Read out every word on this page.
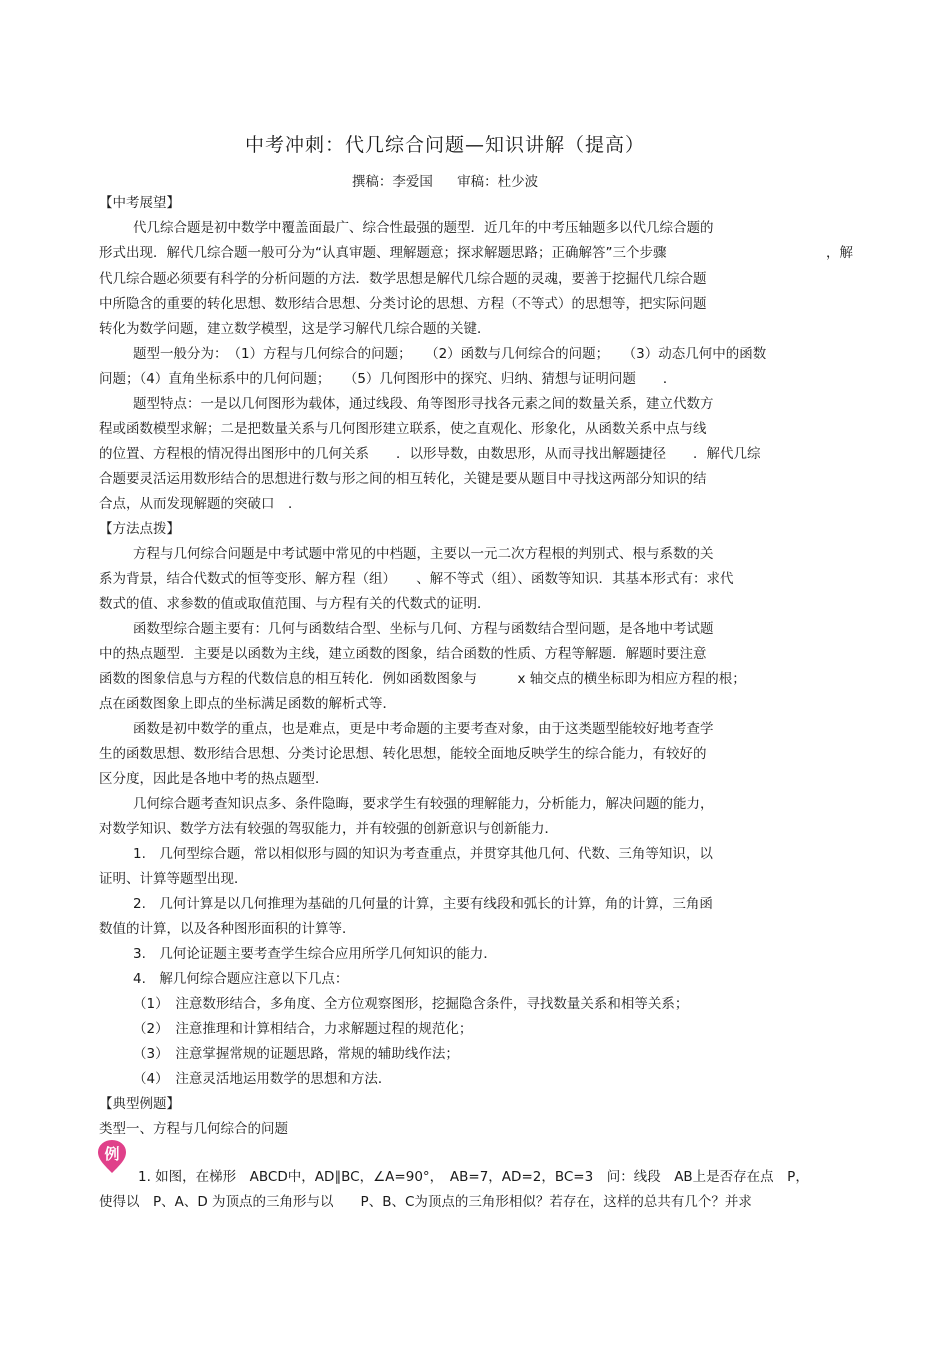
中考冲刺：代几综合问题—知识讲解（提高）
撰稿：李爱国 审稿：杜少波
【中考展望】
代几综合题是初中数学中覆盖面最广、综合性最强的题型．近几年的中考压轴题多以代几综合题的
形式出现．解代几综合题一般可分为“认真审题、理解题意；探求解题思路；正确解答”三个步骤	，解
代几综合题必须要有科学的分析问题的方法．数学思想是解代几综合题的灵魂，要善于挖掘代几综合题
中所隐含的重要的转化思想、数形结合思想、分类讨论的思想、方程（不等式）的思想等，把实际问题
转化为数学问题，建立数学模型，这是学习解代几综合题的关键．
题型一般分为：　（1）方程与几何综合的问题；　　（2）函数与几何综合的问题；　　（3）动态几何中的函数
问题；（4）直角坐标系中的几何问题；　　（5）几何图形中的探究、归纳、猜想与证明问题　　．
题型特点：一是以几何图形为载体，通过线段、角等图形寻找各元素之间的数量关系，建立代数方
程或函数模型求解；二是把数量关系与几何图形建立联系，使之直观化、形象化，从函数关系中点与线
的位置、方程根的情况得出图形中的几何关系　　．以形导数，由数思形，从而寻找出解题捷径　　．解代几综
合题要灵活运用数形结合的思想进行数与形之间的相互转化，关键是要从题目中寻找这两部分知识的结
合点，从而发现解题的突破口　．
【方法点拨】
方程与几何综合问题是中考试题中常见的中档题，主要以一元二次方程根的判别式、根与系数的关
系为背景，结合代数式的恒等变形、解方程（组）　　、解不等式（组）、函数等知识．其基本形式有：求代
数式的值、求参数的值或取值范围、与方程有关的代数式的证明．
函数型综合题主要有：几何与函数结合型、坐标与几何、方程与函数结合型问题，是各地中考试题
中的热点题型．主要是以函数为主线，建立函数的图象，结合函数的性质、方程等解题．解题时要注意
函数的图象信息与方程的代数信息的相互转化．例如函数图象与　　　x 轴交点的横坐标即为相应方程的根；
点在函数图象上即点的坐标满足函数的解析式等．
函数是初中数学的重点，也是难点，更是中考命题的主要考查对象，由于这类题型能较好地考查学
生的函数思想、数形结合思想、分类讨论思想、转化思想，能较全面地反映学生的综合能力，有较好的
区分度，因此是各地中考的热点题型．
几何综合题考查知识点多、条件隐晦，要求学生有较强的理解能力，分析能力，解决问题的能力，
对数学知识、数学方法有较强的驾驭能力，并有较强的创新意识与创新能力．
1.　几何型综合题，常以相似形与圆的知识为考查重点，并贯穿其他几何、代数、三角等知识，以
证明、计算等题型出现．
2.　几何计算是以几何推理为基础的几何量的计算，主要有线段和弧长的计算，角的计算，三角函
数值的计算，以及各种图形面积的计算等．
3.　几何论证题主要考查学生综合应用所学几何知识的能力．
4.　解几何综合题应注意以下几点：
（1）　注意数形结合，多角度、全方位观察图形，挖掘隐含条件，寻找数量关系和相等关系；
（2）　注意推理和计算相结合，力求解题过程的规范化；
（3）　注意掌握常规的证题思路，常规的辅助线作法；
（4）　注意灵活地运用数学的思想和方法．
【典型例题】
类型一、方程与几何综合的问题
例
1. 如图，在梯形　ABCD中，AD∥BC，∠A=90°，　AB=7，AD=2，BC=3　问：线段　AB上是否存在点　P，
使得以　P、A、D 为顶点的三角形与以　　P、B、C为顶点的三角形相似？若存在，这样的总共有几个？并求
